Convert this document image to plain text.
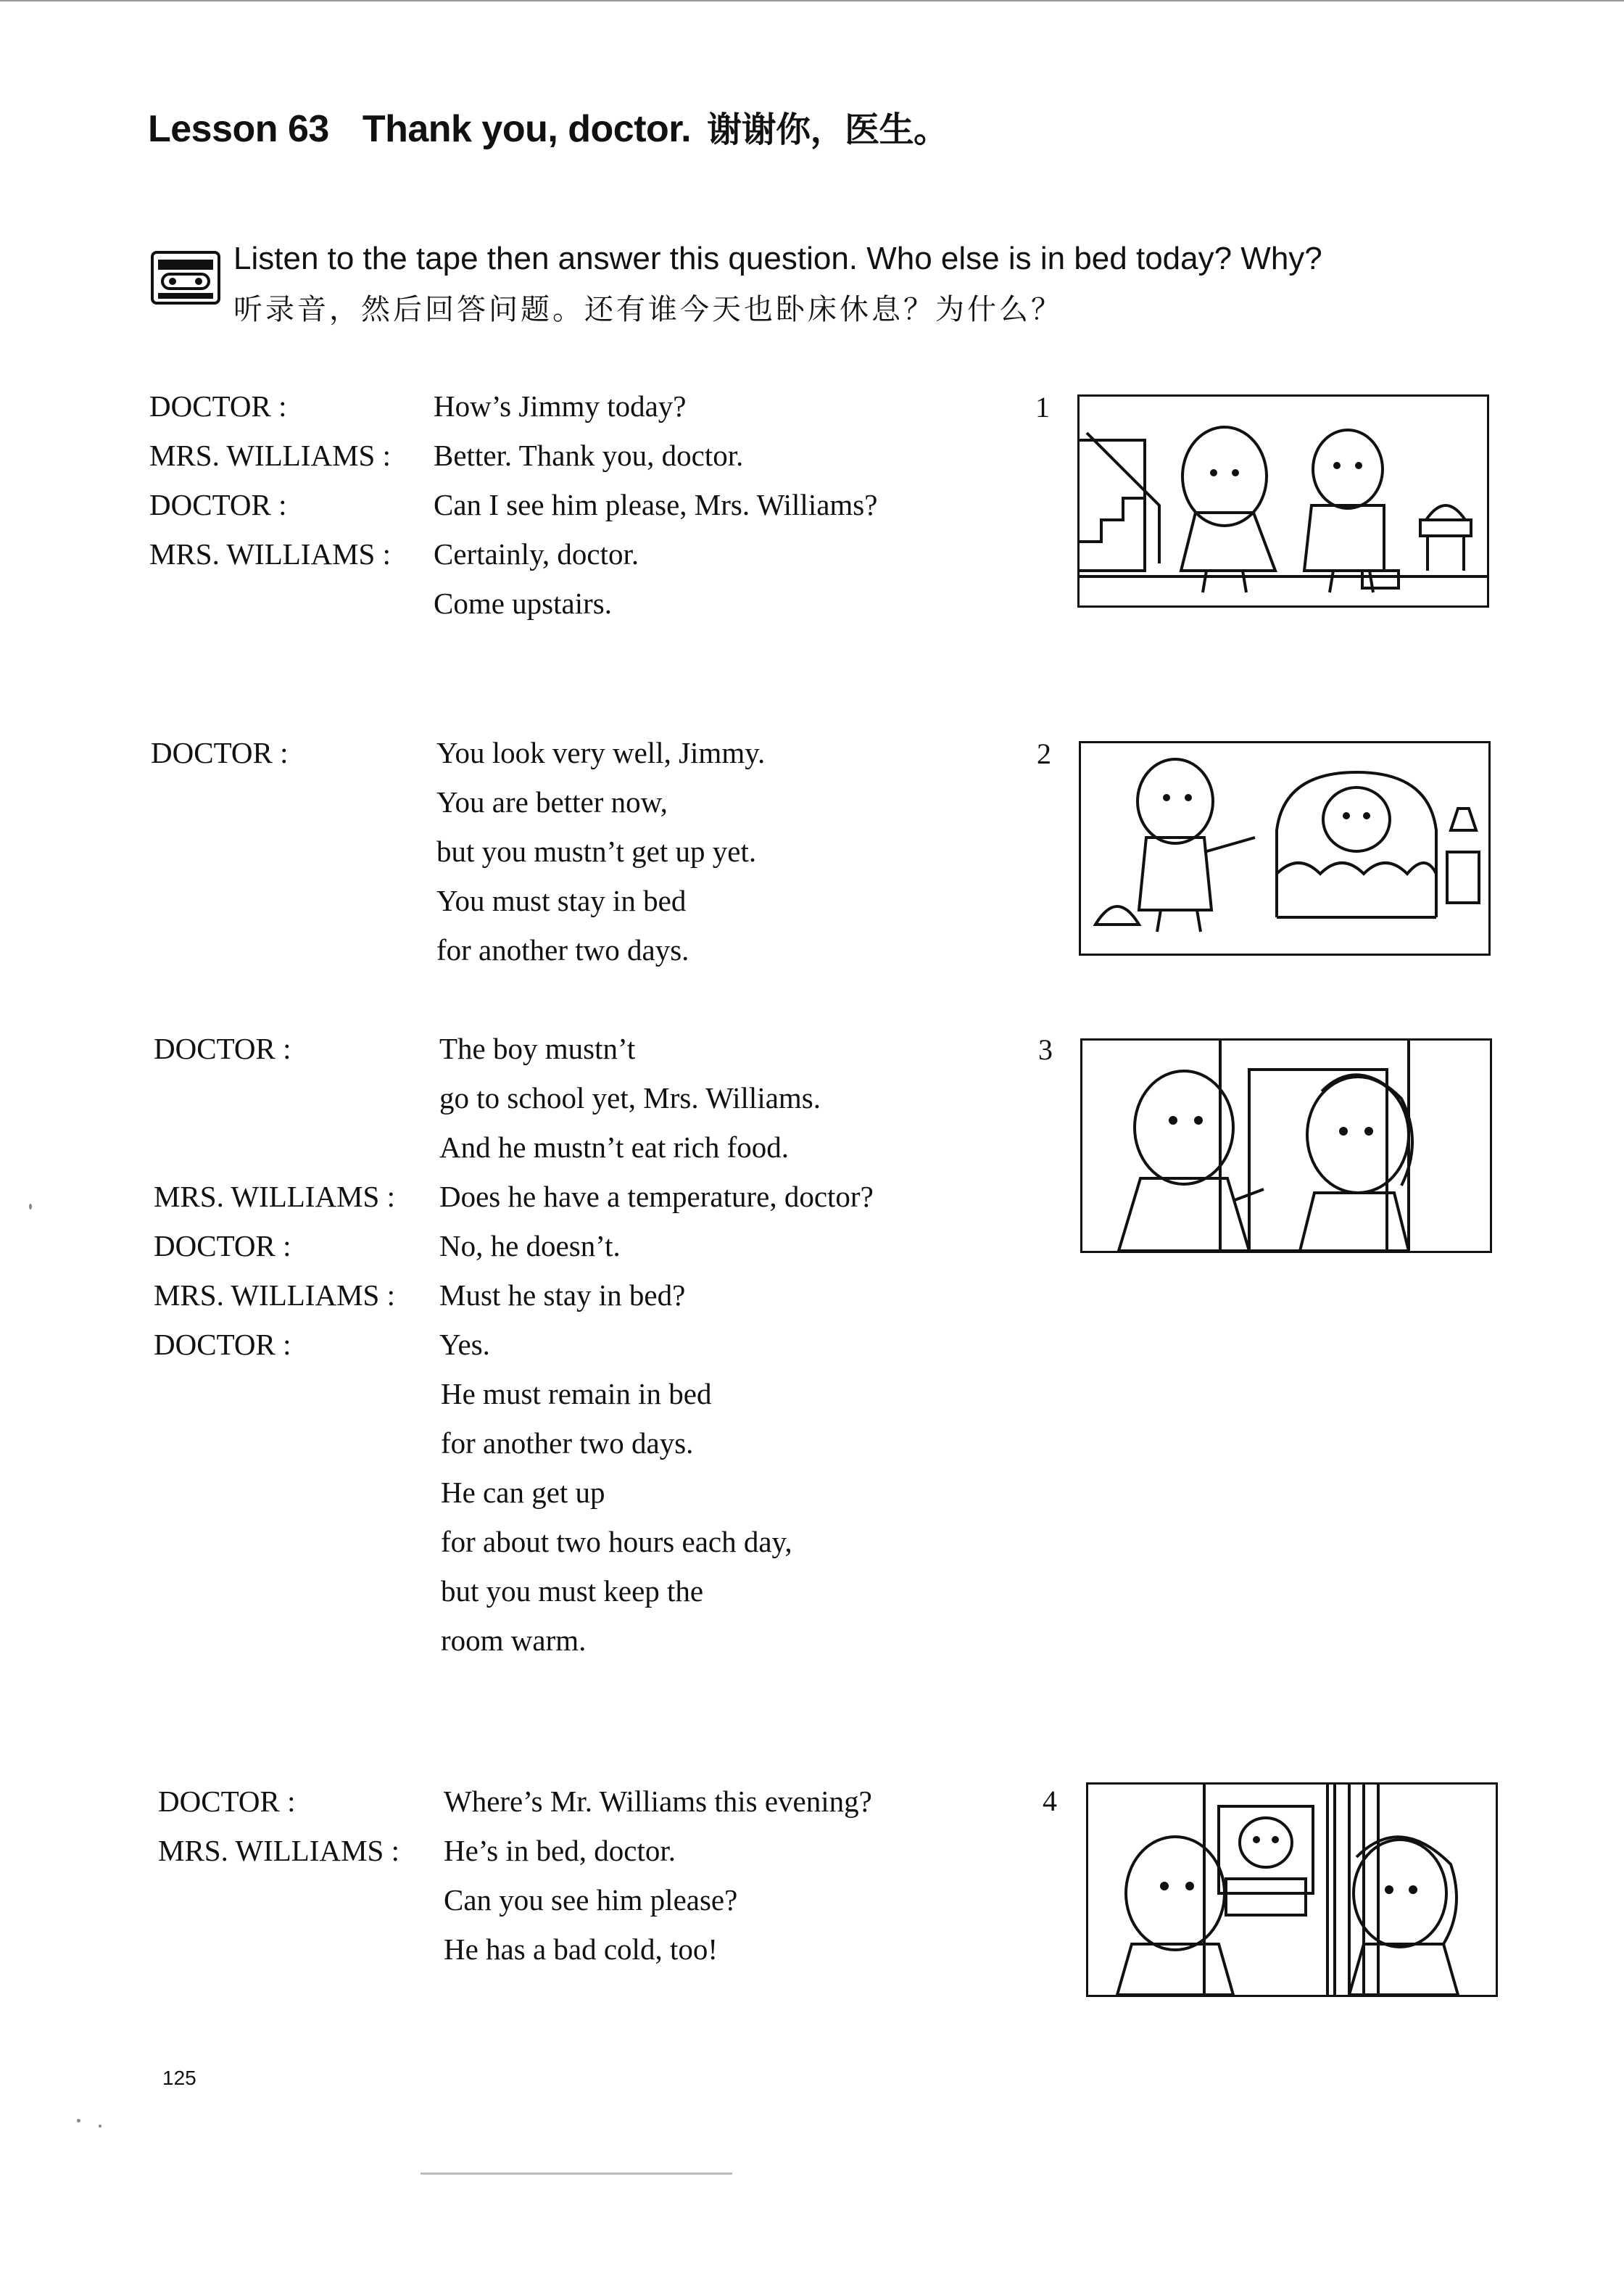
Lesson 63 Thank you, doctor. 谢谢你，医生。
Listen to the tape then answer this question. Who else is in bed today? Why?
听录音，然后回答问题。还有谁今天也卧床休息？为什么？
DOCTOR :	How’s Jimmy today?
MRS. WILLIAMS : Better. Thank you, doctor.
DOCTOR :	Can I see him please, Mrs. Williams?
MRS. WILLIAMS : Certainly, doctor.
Come upstairs.
1
DOCTOR :	You look very well, Jimmy.
You are better now,
but you mustn’t get up yet.
You must stay in bed
for another two days.
2
DOCTOR :	The boy mustn’t
go to school yet, Mrs. Williams.
And he mustn’t eat rich food.
MRS. WILLIAMS : Does he have a temperature, doctor?
DOCTOR :	No, he doesn’t.
MRS. WILLIAMS : Must he stay in bed?
DOCTOR :	Yes.
He must remain in bed
for another two days.
He can get up
for about two hours each day,
but you must keep the
room warm.
3
DOCTOR :	Where’s Mr. Williams this evening?
MRS. WILLIAMS : He’s in bed, doctor.
Can you see him please?
He has a bad cold, too!
4
125
